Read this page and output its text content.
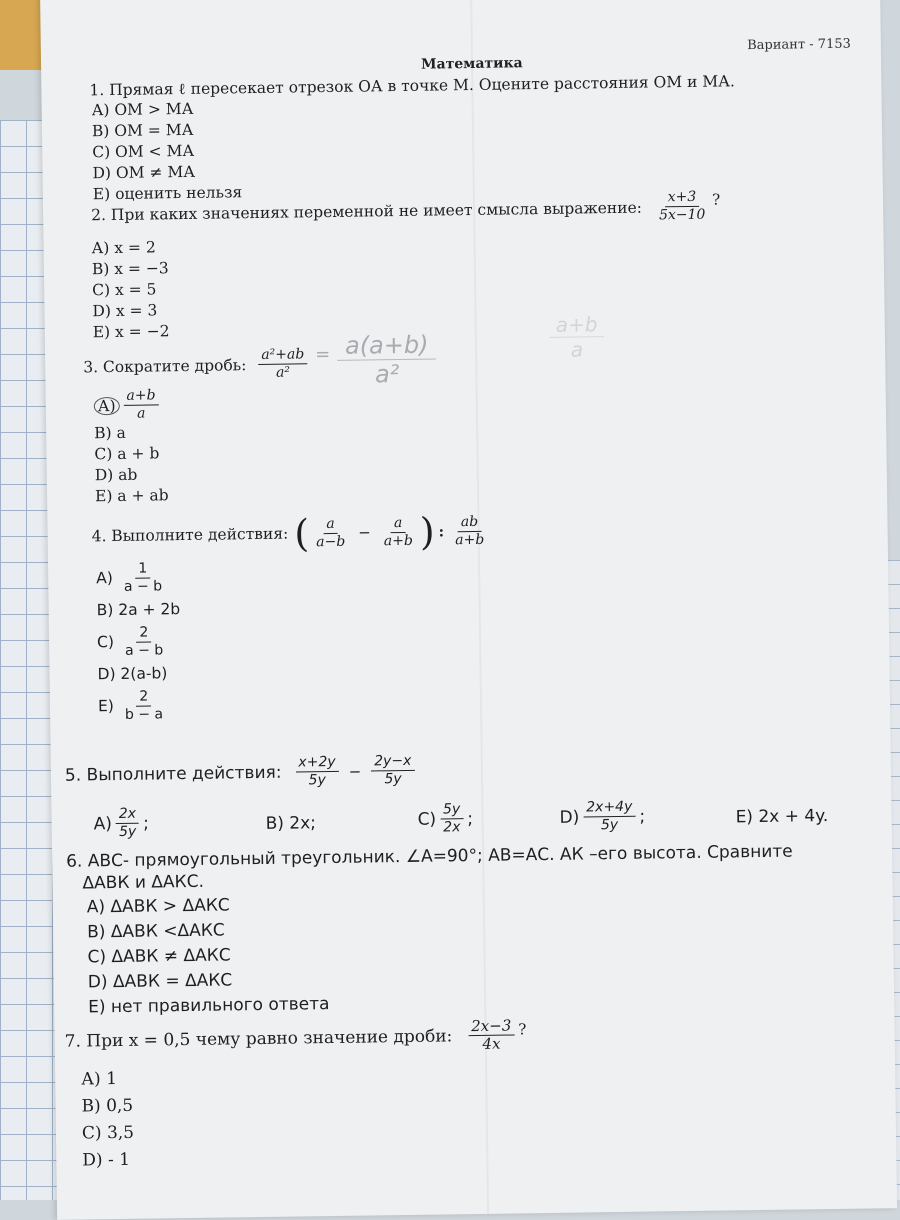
Вариант - 7153
Математика
1. Прямая ℓ пересекает отрезок ОА в точке М. Оцените расстояния ОМ и МА.
А) ОМ > МА
В) ОМ = МА
С) ОМ < МА
D) ОМ ≠ МА
Е) оценить нельзя
2. При каких значениях переменной не имеет смысла выражение: $\frac{x+3}{5x-10}$ ?
А) x = 2
В) x = −3
С) x = 5
D) x = 3
Е) x = −2
3. Сократите дробь: $\frac{\text{a²+ab}}{\text{a²}}$
$А) \frac{a+b}{a}$
В) a
С) a + b
D) ab
Е) a + ab
= $\frac{a(a+b)}{\text{a²}}$	$\frac{a+b}{a}$
4. Выполните действия: ( $\frac{a}{a-b} - \frac{a}{a+b}$ ) : $\frac{ab}{a+b}$
$А) \frac{1}{a - b}$
В) 2a + 2b
$С) \frac{2}{a - b}$
D) 2(a-b)
$Е) \frac{2}{b - a}$
5. Выполните действия: $\frac{x+2y}{5y} - \frac{2y-x}{5y}$
$А) \frac{2x}{5y}$ ;	В) 2x;	$С) \frac{5y}{2x}$ ;	$D) \frac{2x+4y}{5y}$ ;	Е) 2x + 4y.
6. АВС- прямоугольный треугольник. ∠А=90°; АВ=АС. АК –его высота. Сравните
ΔАВК и ΔАКС.
А) ΔАВК > ΔАКС
В) ΔАВК <ΔАКС
С) ΔАВК ≠ ΔАКС
D) ΔАВК = ΔАКС
Е) нет правильного ответа
7. При x = 0,5 чему равно значение дроби: $\frac{2x-3}{4x}$ ?
А) 1
В) 0,5
С) 3,5
D) - 1
